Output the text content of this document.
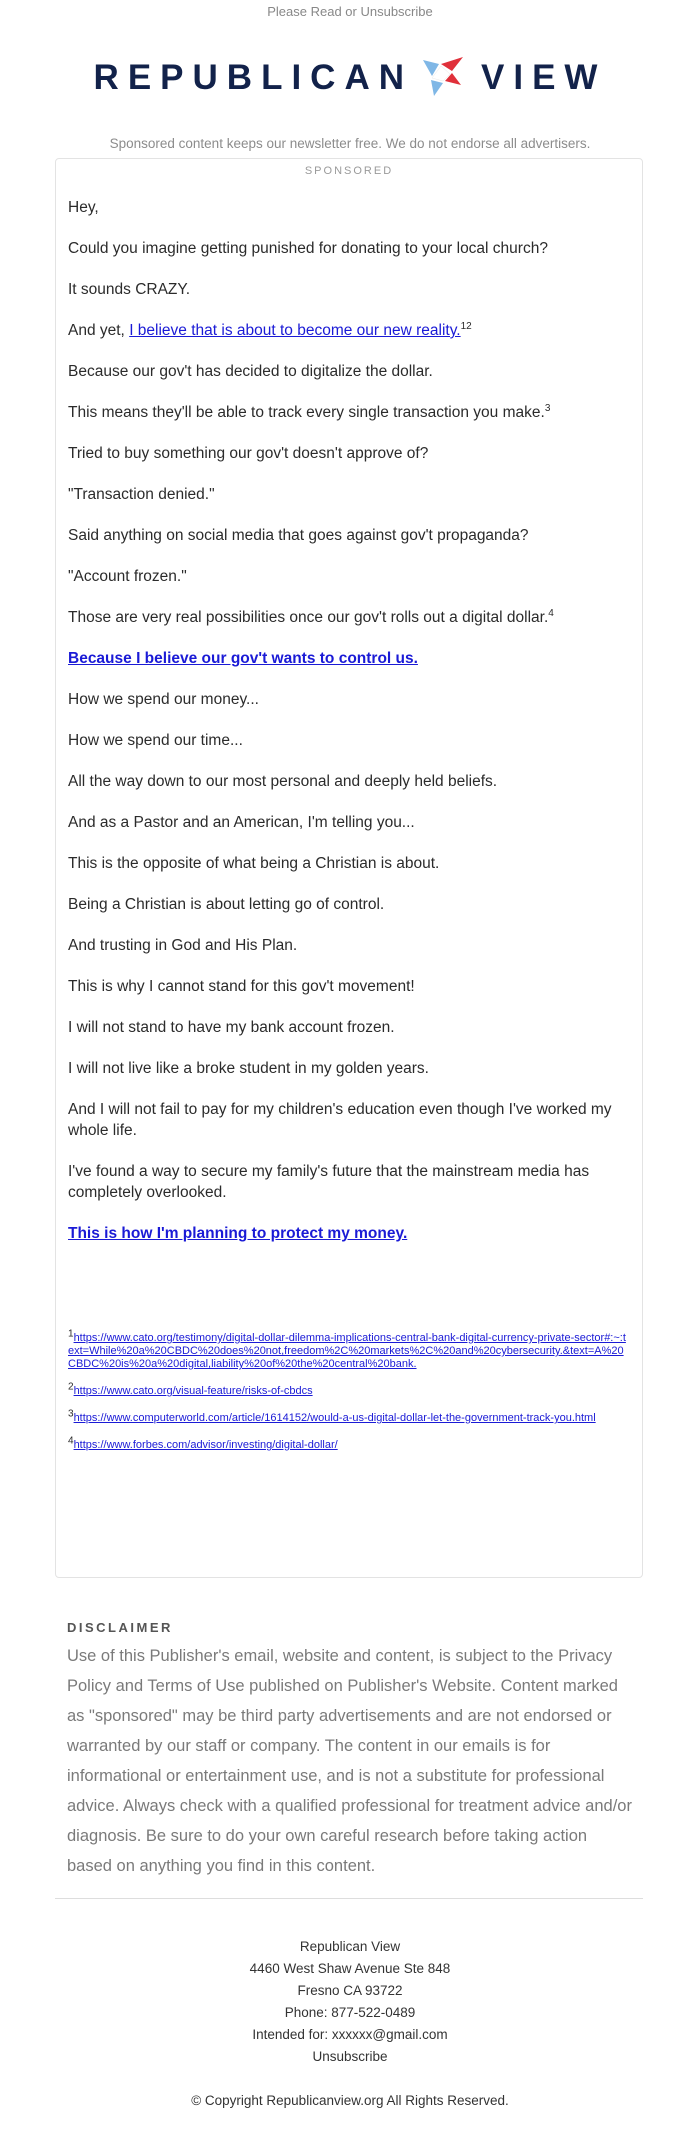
Please Read or Unsubscribe
REPUBLICAN VIEW
Sponsored content keeps our newsletter free. We do not endorse all advertisers.
SPONSORED

Hey,

Could you imagine getting punished for donating to your local church?

It sounds CRAZY.

And yet, I believe that is about to become our new reality.$^{12}$

Because our gov't has decided to digitalize the dollar.

This means they'll be able to track every single transaction you make.$^3$

Tried to buy something our gov't doesn't approve of?

"Transaction denied."

Said anything on social media that goes against gov't propaganda?

"Account frozen."

Those are very real possibilities once our gov't rolls out a digital dollar.$^4$

Because I believe our gov't wants to control us.

How we spend our money...

How we spend our time...

All the way down to our most personal and deeply held beliefs.

And as a Pastor and an American, I'm telling you...

This is the opposite of what being a Christian is about.

Being a Christian is about letting go of control.

And trusting in God and His Plan.

This is why I cannot stand for this gov't movement!

I will not stand to have my bank account frozen.

I will not live like a broke student in my golden years.

And I will not fail to pay for my children's education even though I've worked my whole life.

I've found a way to secure my family's future that the mainstream media has completely overlooked.

This is how I'm planning to protect my money.

$^1$https://www.cato.org/testimony/digital-dollar-dilemma-implications-central-bank-digital-currency-private-sector#:~:text=While%20a%20CBDC%20does%20not,freedom%2C%20markets%2C%20and%20cybersecurity.&text=A%20CBDC%20is%20a%20digital,liability%20of%20the%20central%20bank.
$^2$https://www.cato.org/visual-feature/risks-of-cbdcs
$^3$https://www.computerworld.com/article/1614152/would-a-us-digital-dollar-let-the-government-track-you.html
$^4$https://www.forbes.com/advisor/investing/digital-dollar/
DISCLAIMER
Use of this Publisher's email, website and content, is subject to the Privacy Policy and Terms of Use published on Publisher's Website. Content marked as "sponsored" may be third party advertisements and are not endorsed or warranted by our staff or company. The content in our emails is for informational or entertainment use, and is not a substitute for professional advice. Always check with a qualified professional for treatment advice and/or diagnosis. Be sure to do your own careful research before taking action based on anything you find in this content.
Republican View
4460 West Shaw Avenue Ste 848
Fresno CA 93722
Phone: 877-522-0489
Intended for: xxxxxx@gmail.com
Unsubscribe
© Copyright Republicanview.org All Rights Reserved.
